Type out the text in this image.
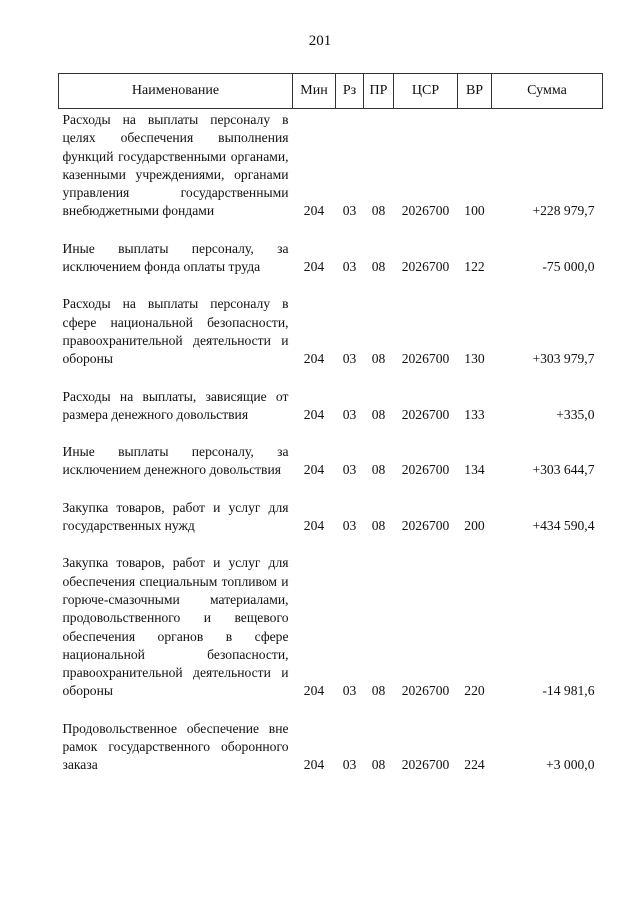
201
Наименование	Мин	Рз	ПР	ЦСР	ВР	Сумма
Расходы на выплаты персоналу в целях обеспечения выполнения функций государственными органами, казенными учреждениями, органами управления государственными внебюджетными фондами	204	03	08	2026700	100	+228 979,7
Иные выплаты персоналу, за исключением фонда оплаты труда	204	03	08	2026700	122	-75 000,0
Расходы на выплаты персоналу в сфере национальной безопасности, правоохранительной деятельности и обороны	204	03	08	2026700	130	+303 979,7
Расходы на выплаты, зависящие от размера денежного довольствия	204	03	08	2026700	133	+335,0
Иные выплаты персоналу, за исключением денежного довольствия	204	03	08	2026700	134	+303 644,7
Закупка товаров, работ и услуг для государственных нужд	204	03	08	2026700	200	+434 590,4
Закупка товаров, работ и услуг для обеспечения специальным топливом и горюче-смазочными материалами, продовольственного и вещевого обеспечения органов в сфере национальной безопасности, правоохранительной деятельности и обороны	204	03	08	2026700	220	-14 981,6
Продовольственное обеспечение вне рамок государственного оборонного заказа	204	03	08	2026700	224	+3 000,0
